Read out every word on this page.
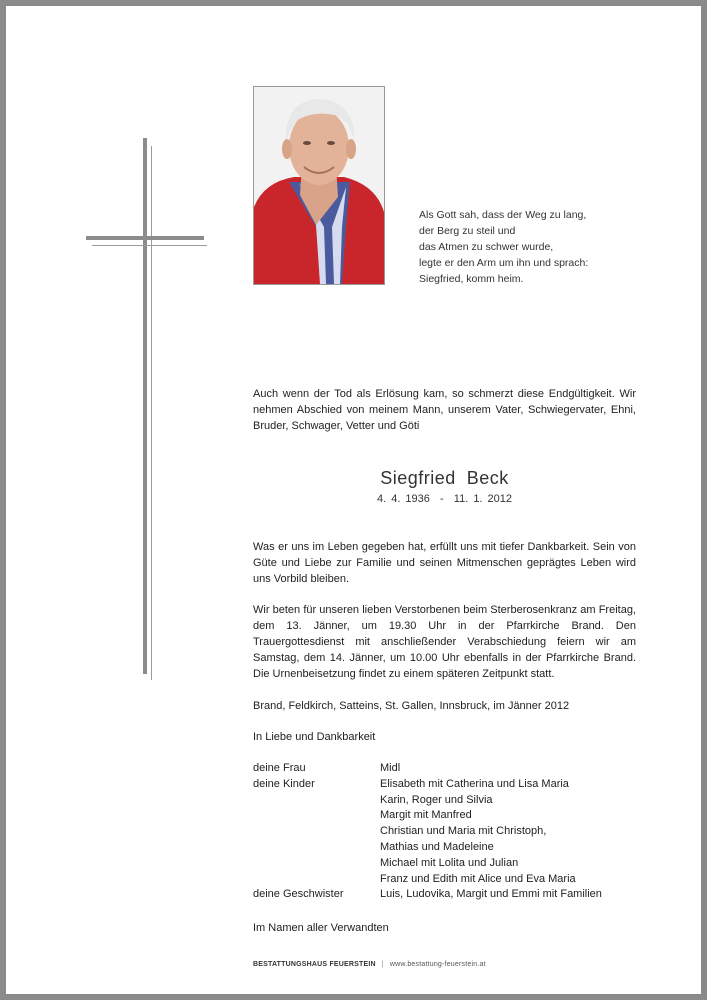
Als Gott sah, dass der Weg zu lang,
der Berg zu steil und
das Atmen zu schwer wurde,
legte er den Arm um ihn und sprach:
Siegfried, komm heim.
Auch wenn der Tod als Erlösung kam, so schmerzt diese Endgültigkeit. Wir nehmen Abschied von meinem Mann, unserem Vater, Schwiegervater, Ehni, Bruder, Schwager, Vetter und Göti
Siegfried  Beck
4. 4. 1936  -  11. 1. 2012
Was er uns im Leben gegeben hat, erfüllt uns mit tiefer Dankbarkeit. Sein von Güte und Liebe zur Familie und seinen Mitmenschen geprägtes Leben wird uns Vorbild bleiben.
Wir beten für unseren lieben Verstorbenen beim Sterberosenkranz am Freitag, dem 13. Jänner, um 19.30 Uhr in der Pfarrkirche Brand. Den Trauergottesdienst mit anschließender Verabschiedung feiern wir am Samstag, dem 14. Jänner, um 10.00 Uhr ebenfalls in der Pfarrkirche Brand. Die Urnenbeisetzung findet zu einem späteren Zeitpunkt statt.
Brand, Feldkirch, Satteins, St. Gallen, Innsbruck, im Jänner 2012
In Liebe und Dankbarkeit
deine Frau	Midl
deine Kinder	Elisabeth mit Catherina und Lisa Maria
Karin, Roger und Silvia
Margit mit Manfred
Christian und Maria mit Christoph,
Mathias und Madeleine
Michael mit Lolita und Julian
Franz und Edith mit Alice und Eva Maria
deine Geschwister	Luis, Ludovika, Margit und Emmi mit Familien
Im Namen aller Verwandten
BESTATTUNGSHAUS FEUERSTEIN | www.bestattung-feuerstein.at
